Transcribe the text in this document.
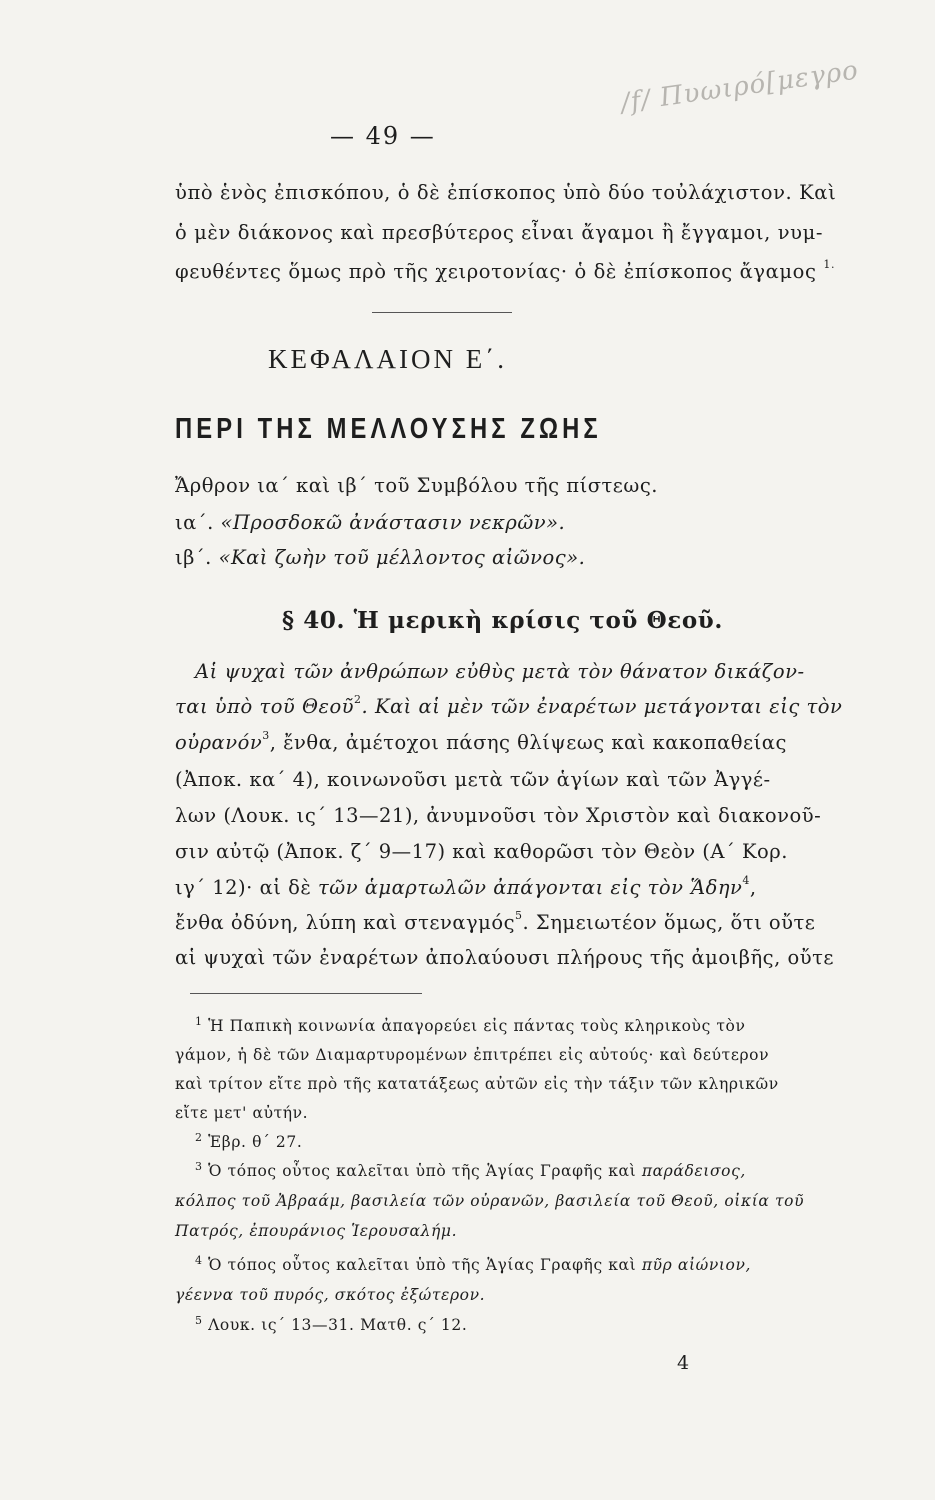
/f/ Πυωιρό[μεγρο
— 49 —
ὑπὸ ἑνὸς ἐπισκόπου, ὁ δὲ ἐπίσκοπος ὑπὸ δύο τοὐλάχιστον. Καὶ
ὁ μὲν διάκονος καὶ πρεσβύτερος εἶναι ἄγαμοι ἢ ἔγγαμοι, νυμ-
φευθέντες ὅμως πρὸ τῆς χειροτονίας· ὁ δὲ ἐπίσκοπος ἄγαμος $^{1.}$
ΚΕΦΑΛΑΙΟΝ Ε΄.
ΠΕΡΙ ΤΗΣ ΜΕΛΛΟΥΣΗΣ ΖΩΗΣ
Ἄρθρον ια΄ καὶ ιβ΄ τοῦ Συμβόλου τῆς πίστεως.
ια΄. «Προσδοκῶ ἀνάστασιν νεκρῶν».
ιβ΄. «Καὶ ζωὴν τοῦ μέλλοντος αἰῶνος».
§ 40. Ἡ μερικὴ κρίσις τοῦ Θεοῦ.
Αἱ ψυχαὶ τῶν ἀνθρώπων εὐθὺς μετὰ τὸν θάνατον δικάζον-
ται ὑπὸ τοῦ Θεοῦ$^2$. Καὶ αἱ μὲν τῶν ἐναρέτων μετάγονται εἰς τὸν
οὐρανόν$^3$, ἔνθα, ἀμέτοχοι πάσης θλίψεως καὶ κακοπαθείας
(Ἀποκ. κα΄ 4), κοινωνοῦσι μετὰ τῶν ἁγίων καὶ τῶν Ἀγγέ-
λων (Λουκ. ις΄ 13—21), ἀνυμνοῦσι τὸν Χριστὸν καὶ διακονοῦ-
σιν αὐτῷ (Ἀποκ. ζ΄ 9—17) καὶ καθορῶσι τὸν Θεὸν (Α΄ Κορ.
ιγ΄ 12)· αἱ δὲ τῶν ἁμαρτωλῶν ἀπάγονται εἰς τὸν Ἅδην$^4$,
ἔνθα ὀδύνη, λύπη καὶ στεναγμός$^5$. Σημειωτέον ὅμως, ὅτι οὔτε
αἱ ψυχαὶ τῶν ἐναρέτων ἀπολαύουσι πλήρους τῆς ἀμοιβῆς, οὔτε
$^1$ Ἡ Παπικὴ κοινωνία ἀπαγορεύει εἰς πάντας τοὺς κληρικοὺς τὸν
γάμον, ἡ δὲ τῶν Διαμαρτυρομένων ἐπιτρέπει εἰς αὐτούς· καὶ δεύτερον
καὶ τρίτον εἴτε πρὸ τῆς κατατάξεως αὐτῶν εἰς τὴν τάξιν τῶν κληρικῶν
εἴτε μετ' αὐτήν.
$^2$ Ἑβρ. θ΄ 27.
$^3$ Ὁ τόπος οὗτος καλεῖται ὑπὸ τῆς Ἁγίας Γραφῆς καὶ παράδεισος,
κόλπος τοῦ Ἀβραάμ, βασιλεία τῶν οὐρανῶν, βασιλεία τοῦ Θεοῦ, οἰκία τοῦ
Πατρός, ἐπουράνιος Ἱερουσαλήμ.
$^4$ Ὁ τόπος οὗτος καλεῖται ὑπὸ τῆς Ἁγίας Γραφῆς καὶ πῦρ αἰώνιον,
γέεννα τοῦ πυρός, σκότος ἐξώτερον.
$^5$ Λουκ. ις΄ 13—31. Ματθ. ς΄ 12.
4
